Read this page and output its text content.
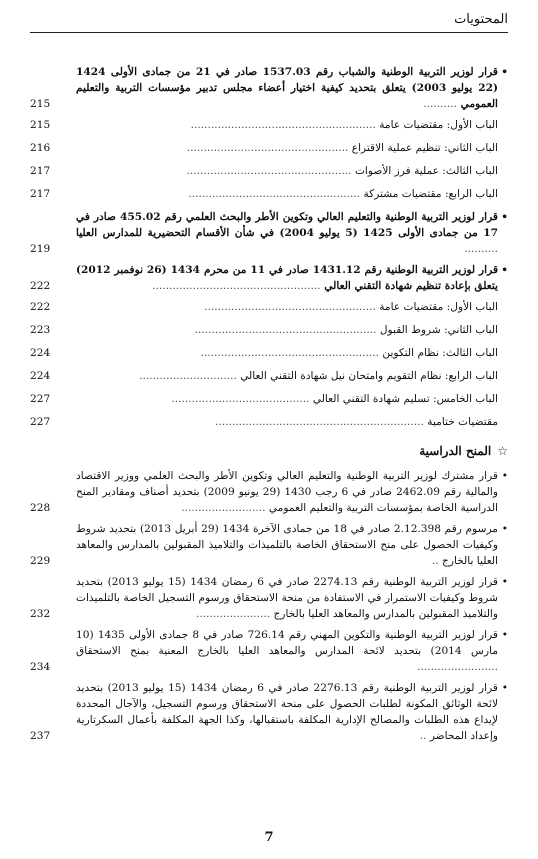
المحتويات
•
قرار لوزير التربية الوطنية والشباب رقم 1537.03 صادر في 21 من جمادى الأولى 1424 (22 يوليو 2003) يتعلق بتحديد كيفية اختيار أعضاء مجلس تدبير مؤسسات التربية والتعليم العمومي ..........
215
الباب الأول: مقتضيات عامة .......................................................
215
الباب الثاني: تنظيم عملية الاقتراع ................................................
216
الباب الثالث: عملية فرز الأصوات .................................................
217
الباب الرابع: مقتضيات مشتركة ...................................................
217
•
قرار لوزير التربية الوطنية والتعليم العالي وتكوين الأطر والبحث العلمي رقم 455.02 صادر في 17 من جمادى الأولى 1425 (5 يوليو 2004) في شأن الأقسام التحضيرية للمدارس العليا ..........
219
•
قرار لوزير التربية الوطنية رقم 1431.12 صادر في 11 من محرم 1434 (26 نوفمبر 2012) يتعلق بإعادة تنظيم شهادة التقني العالي ..................................................
222
الباب الأول: مقتضيات عامة ...................................................
222
الباب الثاني: شروط القبول ......................................................
223
الباب الثالث: نظام التكوين .....................................................
224
الباب الرابع: نظام التقويم وامتحان نيل شهادة التقني العالي .............................
224
الباب الخامس: تسليم شهادة التقني العالي .........................................
227
مقتضيات ختامية ..............................................................
227
☆المنح الدراسية
•
قرار مشترك لوزير التربية الوطنية والتعليم العالي وتكوين الأطر والبحث العلمي ووزير الاقتصاد والمالية رقم 2462.09 صادر في 6 رجب 1430 (29 يونيو 2009) بتحديد أصناف ومقادير المنح الدراسية الخاصة بمؤسسات التربية والتعليم العمومي .........................
228
•
مرسوم رقم 2.12.398 صادر في 18 من جمادى الآخرة 1434 (29 أبريل 2013) بتحديد شروط وكيفيات الحصول على منح الاستحقاق الخاصة بالتلميذات والتلاميذ المقبولين بالمدارس والمعاهد العليا بالخارج ..
229
•
قرار لوزير التربية الوطنية رقم 2274.13 صادر في 6 رمضان 1434 (15 يوليو 2013) بتحديد شروط وكيفيات الاستمرار في الاستفادة من منحة الاستحقاق ورسوم التسجيل الخاصة بالتلميذات والتلاميذ المقبولين بالمدارس والمعاهد العليا بالخارج ......................
232
•
قرار لوزير التربية الوطنية والتكوين المهني رقم 726.14 صادر في 8 جمادى الأولى 1435 (10 مارس 2014) بتحديد لائحة المدارس والمعاهد العليا بالخارج المعنية بمنح الاستحقاق ........................
234
•
قرار لوزير التربية الوطنية رقم 2276.13 صادر في 6 رمضان 1434 (15 يوليو 2013) بتحديد لائحة الوثائق المكونة لطلبات الحصول على منحة الاستحقاق ورسوم التسجيل، والآجال المحددة لإيداع هذه الطلبات والمصالح الإدارية المكلفة باستقبالها، وكذا الجهة المكلفة بأعمال السكرتارية وإعداد المحاضر ..
237
7
